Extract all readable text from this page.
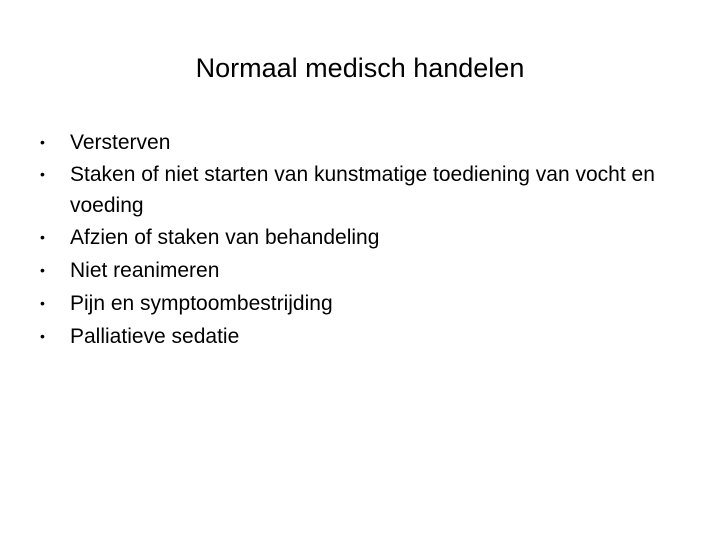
Normaal medisch handelen
•	Versterven
•	Staken of niet starten van kunstmatige toediening van vocht en voeding
•	Afzien of staken van behandeling
•	Niet reanimeren
•	Pijn en symptoombestrijding
•	Palliatieve sedatie
